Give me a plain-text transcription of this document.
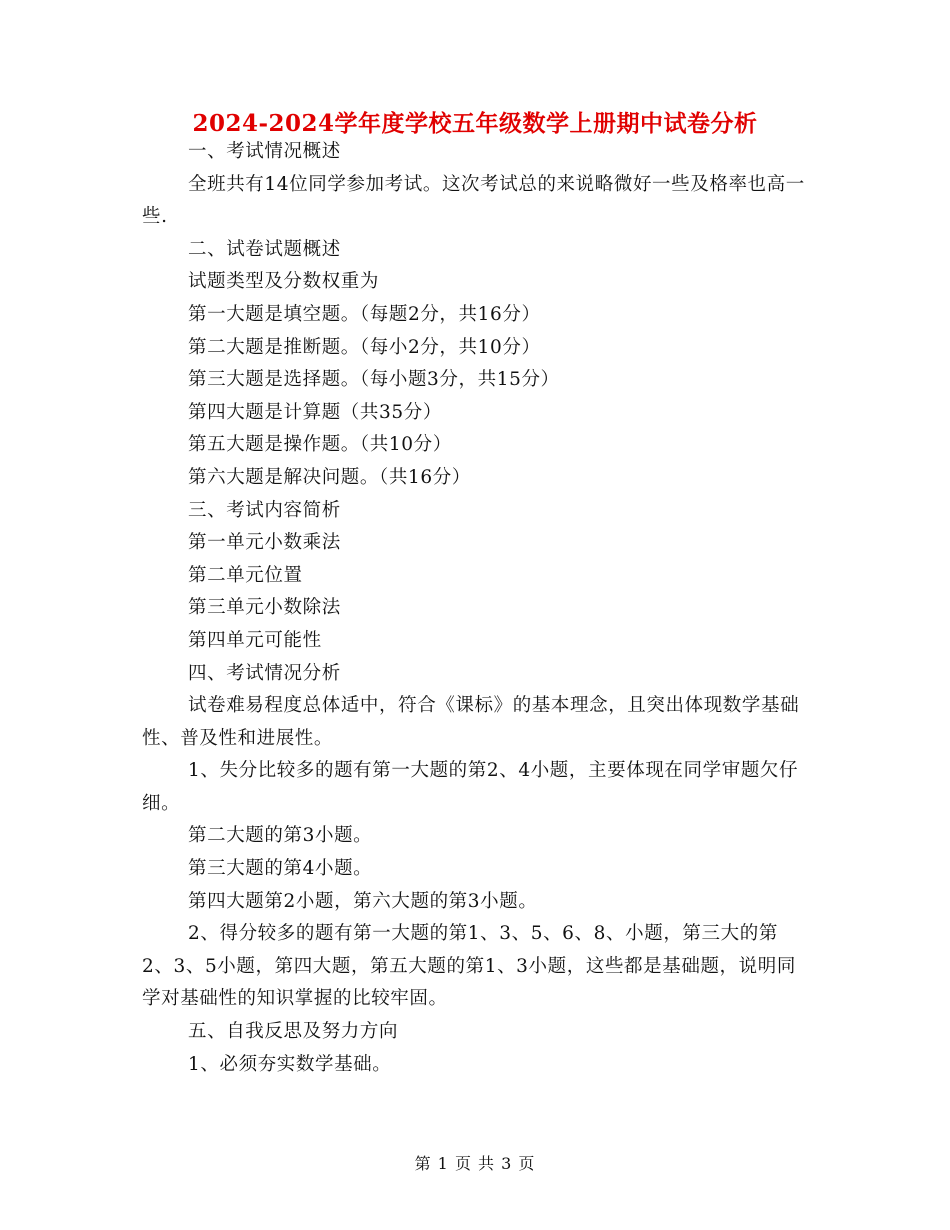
2024-2024学年度学校五年级数学上册期中试卷分析

一、考试情况概述

全班共有14位同学参加考试。这次考试总的来说略微好一些及格率也高一些.

二、试卷试题概述

试题类型及分数权重为

第一大题是填空题。（每题2分，共16分）

第二大题是推断题。（每小2分，共10分）

第三大题是选择题。（每小题3分，共15分）

第四大题是计算题（共35分）

第五大题是操作题。（共10分）

第六大题是解决问题。（共16分）

三、考试内容简析

第一单元小数乘法

第二单元位置

第三单元小数除法

第四单元可能性

四、考试情况分析

试卷难易程度总体适中，符合《课标》的基本理念，且突出体现数学基础性、普及性和进展性。

1、失分比较多的题有第一大题的第2、4小题，主要体现在同学审题欠仔细。

第二大题的第3小题。

第三大题的第4小题。

第四大题第2小题，第六大题的第3小题。

2、得分较多的题有第一大题的第1、3、5、6、8、小题，第三大的第2、3、5小题，第四大题，第五大题的第1、3小题，这些都是基础题，说明同学对基础性的知识掌握的比较牢固。

五、自我反思及努力方向

1、必须夯实数学基础。

第 1 页 共 3 页
